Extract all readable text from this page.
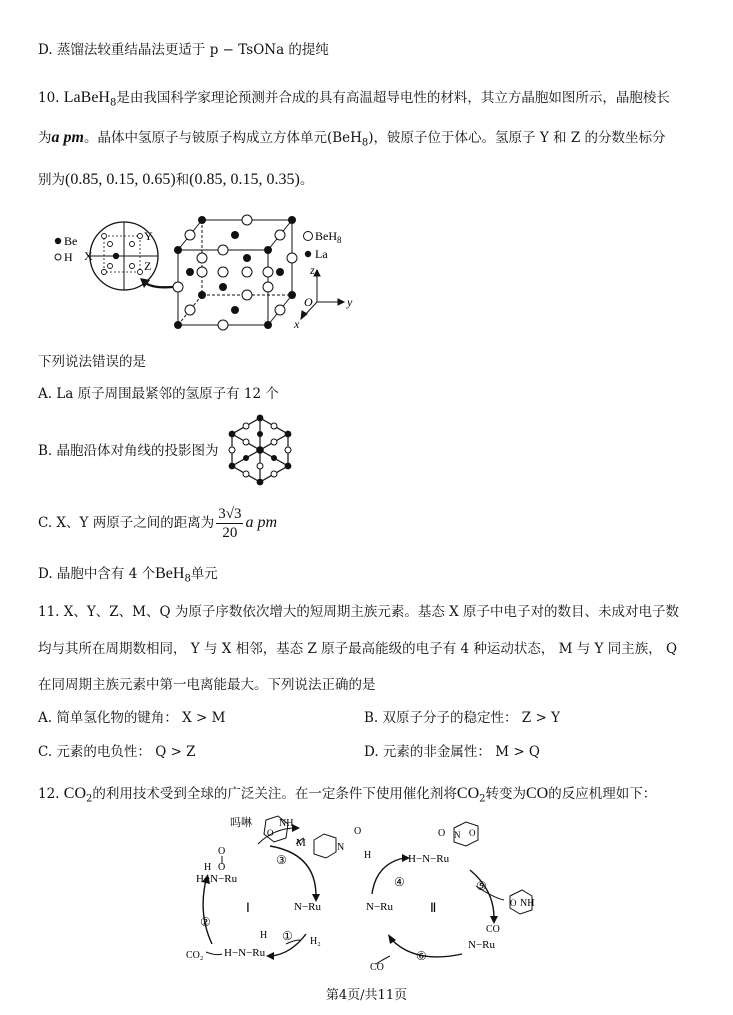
D. 蒸馏法较重结晶法更适于 p − TsONa 的提纯
10. LaBeH$_8$是由我国科学家理论预测并合成的具有高温超导电性的材料，其立方晶胞如图所示，晶胞棱长
为a pm。晶体中氢原子与铍原子构成立方体单元(BeH$_8$)，铍原子位于体心。氢原子 Y 和 Z 的分数坐标分
别为(0.85, 0.15, 0.65)和(0.85, 0.15, 0.35)。
Be
H X
Y
Z
BeH$_8$
La
z
O	y
x
下列说法错误的是
A. La 原子周围最紧邻的氢原子有 12 个
B. 晶胞沿体对角线的投影图为
C. X、Y 两原子之间的距离为 $\frac{3√3}{20}$ a pm
D. 晶胞中含有 4 个BeH$_8$单元
11. X、Y、Z、M、Q 为原子序数依次增大的短周期主族元素。基态 X 原子中电子对的数目、未成对电子数
均与其所在周期数相同， Y 与 X 相邻，基态 Z 原子最高能级的电子有 4 种运动状态， M 与 Y 同主族， Q
在同周期主族元素中第一电离能最大。下列说法正确的是
A. 简单氢化物的键角： X > M	B. 双原子分子的稳定性： Z > Y
C. 元素的电负性： Q > Z	D. 元素的非金属性： M > Q
12. $CO_2$的利用技术受到全球的广泛关注。在一定条件下使用催化剂将$CO_2$转变为CO的反应机理如下：
吗啉	NH
O
O
H O
H−N−Ru
M
③
N
O
H
Ⅰ	N−Ru
②
① H₂
H
H−N−Ru
CO₂
④
N−Ru	Ⅱ
H−N−Ru
O N O
⑤
NH
O
CO
N−Ru
⑥
CO
第4页/共11页
